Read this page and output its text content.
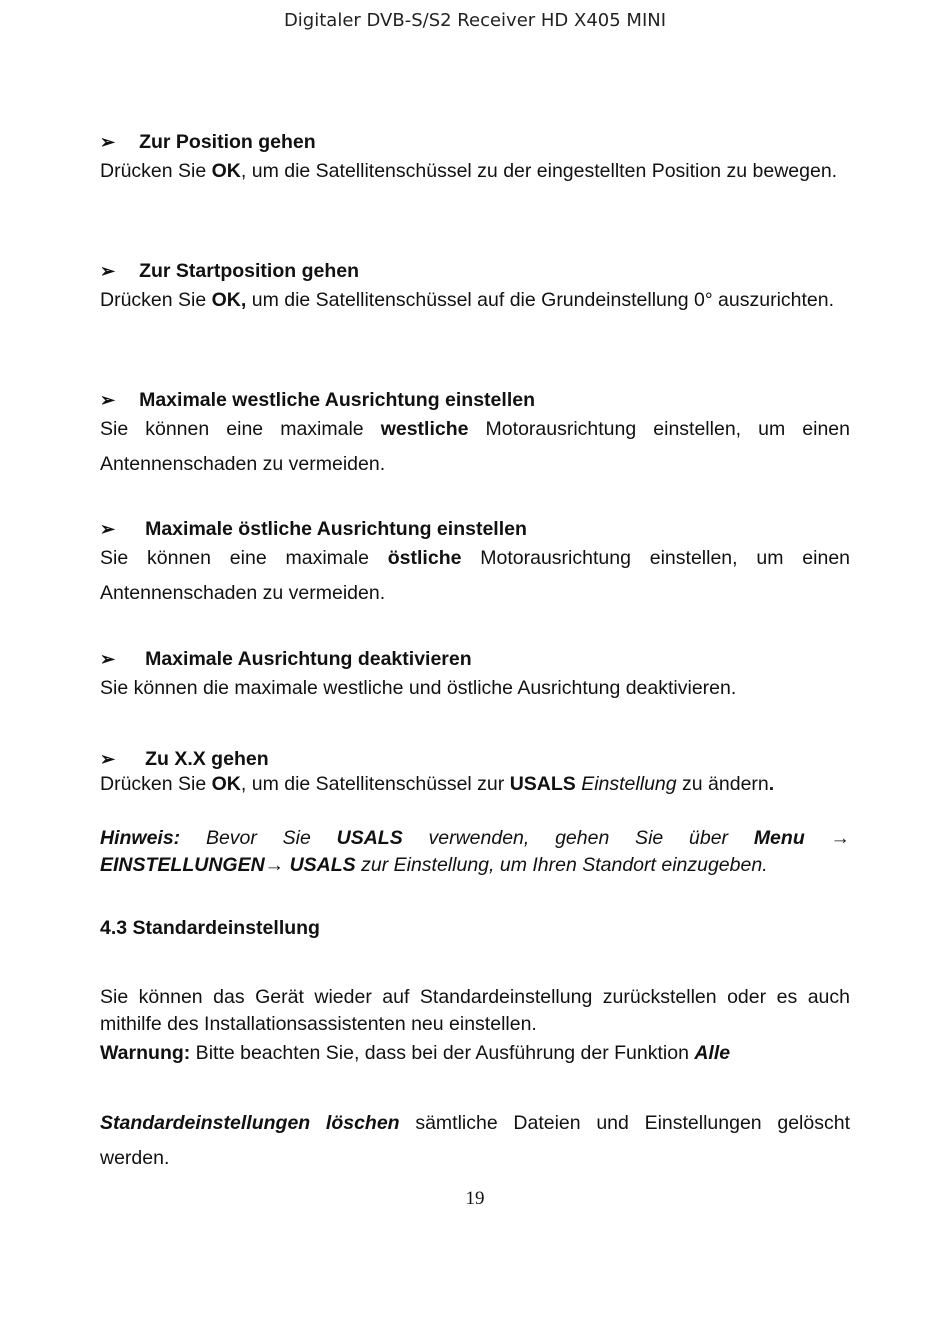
Digitaler DVB-S/S2 Receiver HD X405 MINI
➢ Zur Position gehen
Drücken Sie OK, um die Satellitenschüssel zu der eingestellten Position zu bewegen.
➢ Zur Startposition gehen
Drücken Sie OK, um die Satellitenschüssel auf die Grundeinstellung 0° auszurichten.
➢ Maximale westliche Ausrichtung einstellen
Sie können eine maximale westliche Motorausrichtung einstellen, um einen Antennenschaden zu vermeiden.
➢ Maximale östliche Ausrichtung einstellen
Sie können eine maximale östliche Motorausrichtung einstellen, um einen Antennenschaden zu vermeiden.
➢ Maximale Ausrichtung deaktivieren
Sie können die maximale westliche und östliche Ausrichtung deaktivieren.
➢ Zu X.X gehen
Drücken Sie OK, um die Satellitenschüssel zur USALS Einstellung zu ändern.
Hinweis: Bevor Sie USALS verwenden, gehen Sie über Menu → EINSTELLUNGEN→ USALS zur Einstellung, um Ihren Standort einzugeben.
4.3 Standardeinstellung
Sie können das Gerät wieder auf Standardeinstellung zurückstellen oder es auch mithilfe des Installationsassistenten neu einstellen.
Warnung: Bitte beachten Sie, dass bei der Ausführung der Funktion Alle
Standardeinstellungen löschen sämtliche Dateien und Einstellungen gelöscht werden.
19
